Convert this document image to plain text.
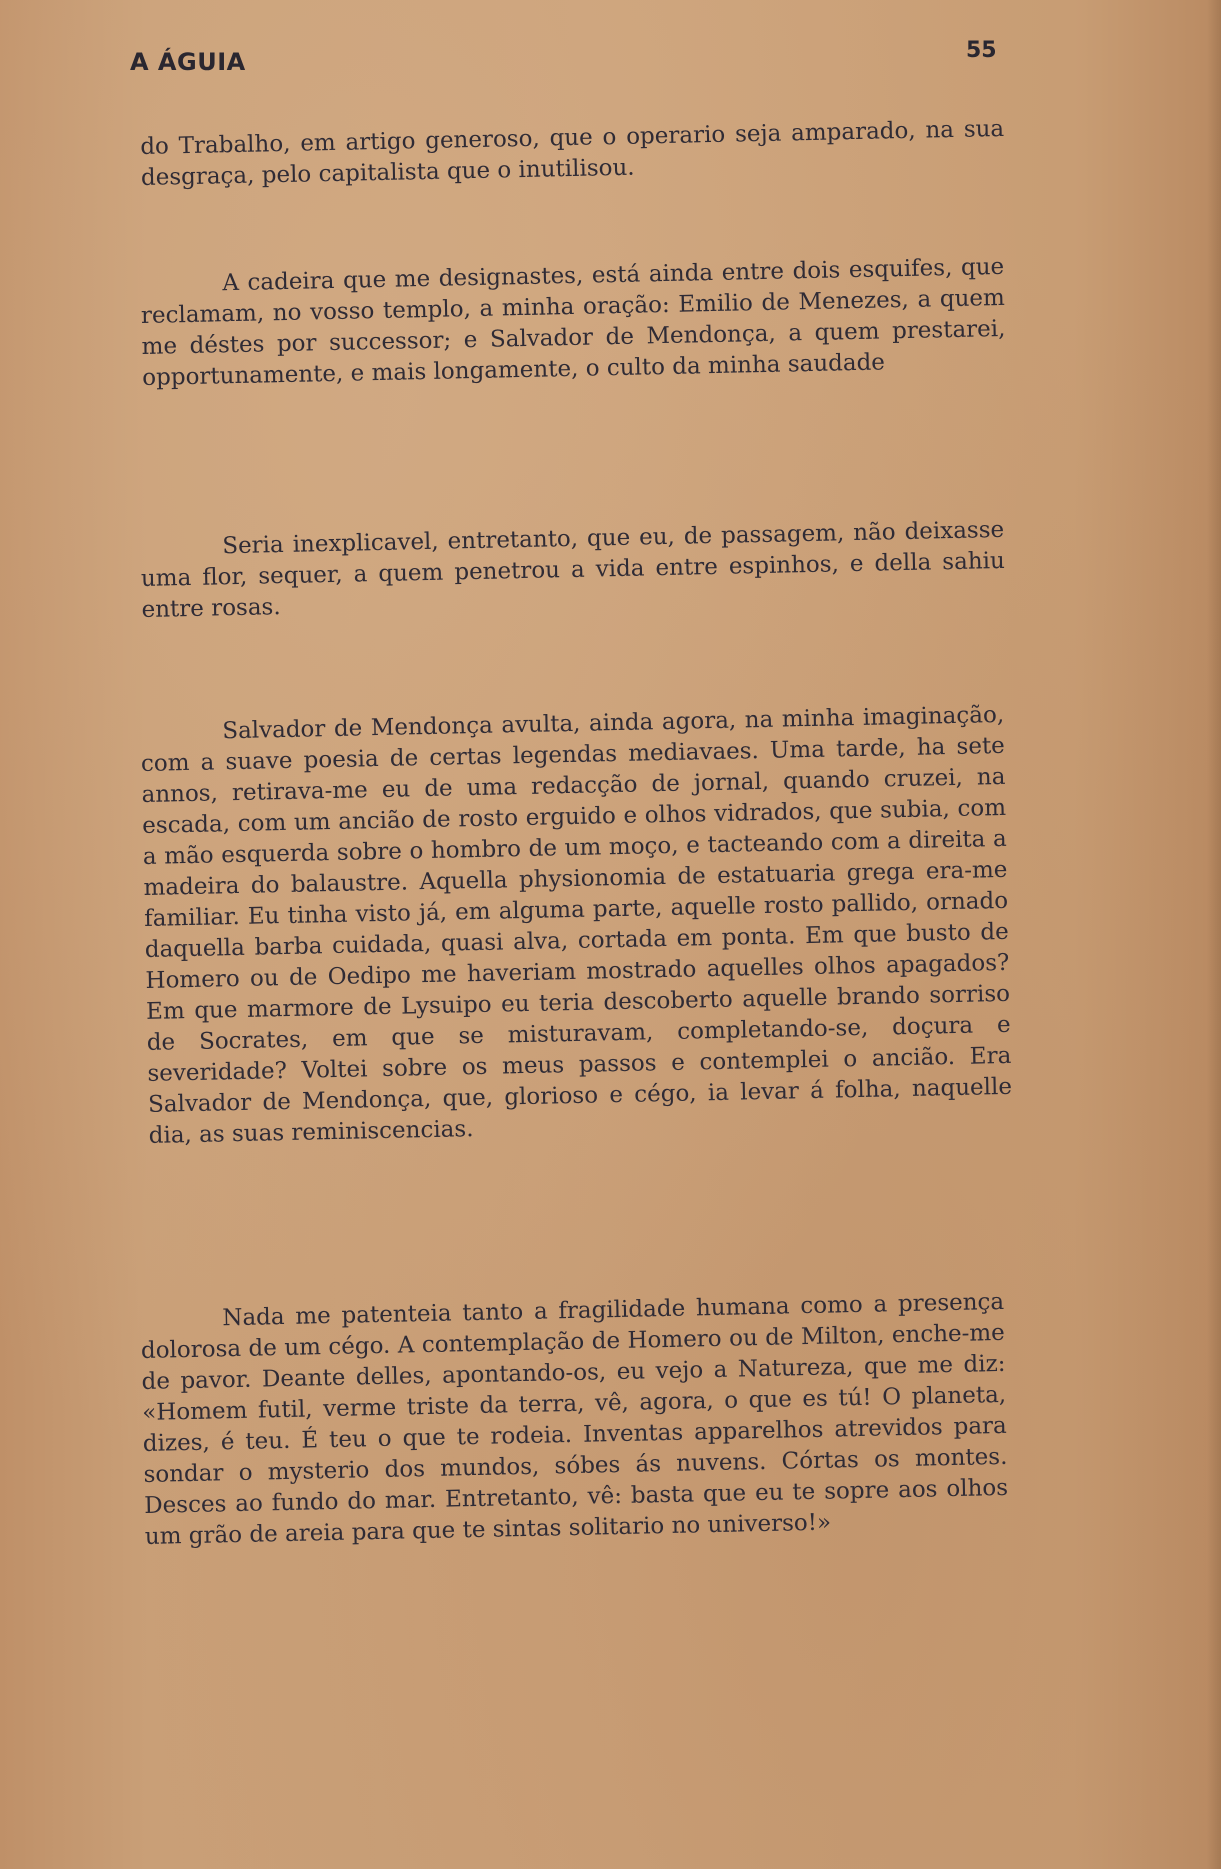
A ÁGUIA	55

do Trabalho, em artigo generoso, que o operario seja amparado, na sua desgraça, pelo capitalista que o inutilisou.

A cadeira que me designastes, está ainda entre dois esquifes, que reclamam, no vosso templo, a minha oração: Emilio de Menezes, a quem me déstes por successor; e Salvador de Mendonça, a quem prestarei, opportunamente, e mais longamente, o culto da minha saudade

Seria inexplicavel, entretanto, que eu, de passagem, não deixasse uma flor, sequer, a quem penetrou a vida entre espinhos, e della sahiu entre rosas.

Salvador de Mendonça avulta, ainda agora, na minha imaginação, com a suave poesia de certas legendas mediavaes. Uma tarde, ha sete annos, retirava-me eu de uma redacção de jornal, quando cruzei, na escada, com um ancião de rosto erguido e olhos vidrados, que subia, com a mão esquerda sobre o hombro de um moço, e tacteando com a direita a madeira do balaustre. Aquella physionomia de estatuaria grega era-me familiar. Eu tinha visto já, em alguma parte, aquelle rosto pallido, ornado daquella barba cuidada, quasi alva, cortada em ponta. Em que busto de Homero ou de Oedipo me haveriam mostrado aquelles olhos apagados? Em que marmore de Lysuipo eu teria descoberto aquelle brando sorriso de Socrates, em que se misturavam, completando-se, doçura e severidade? Voltei sobre os meus passos e contemplei o ancião. Era Salvador de Mendonça, que, glorioso e cégo, ia levar á folha, naquelle dia, as suas reminiscencias.

Nada me patenteia tanto a fragilidade humana como a presença dolorosa de um cégo. A contemplação de Homero ou de Milton, enche-me de pavor. Deante delles, apontando-os, eu vejo a Natureza, que me diz: «Homem futil, verme triste da terra, vê, agora, o que es tú! O planeta, dizes, é teu. É teu o que te rodeia. Inventas apparelhos atrevidos para sondar o mysterio dos mundos, sóbes ás nuvens. Córtas os montes. Desces ao fundo do mar. Entretanto, vê: basta que eu te sopre aos olhos um grão de areia para que te sintas solitario no universo!»
